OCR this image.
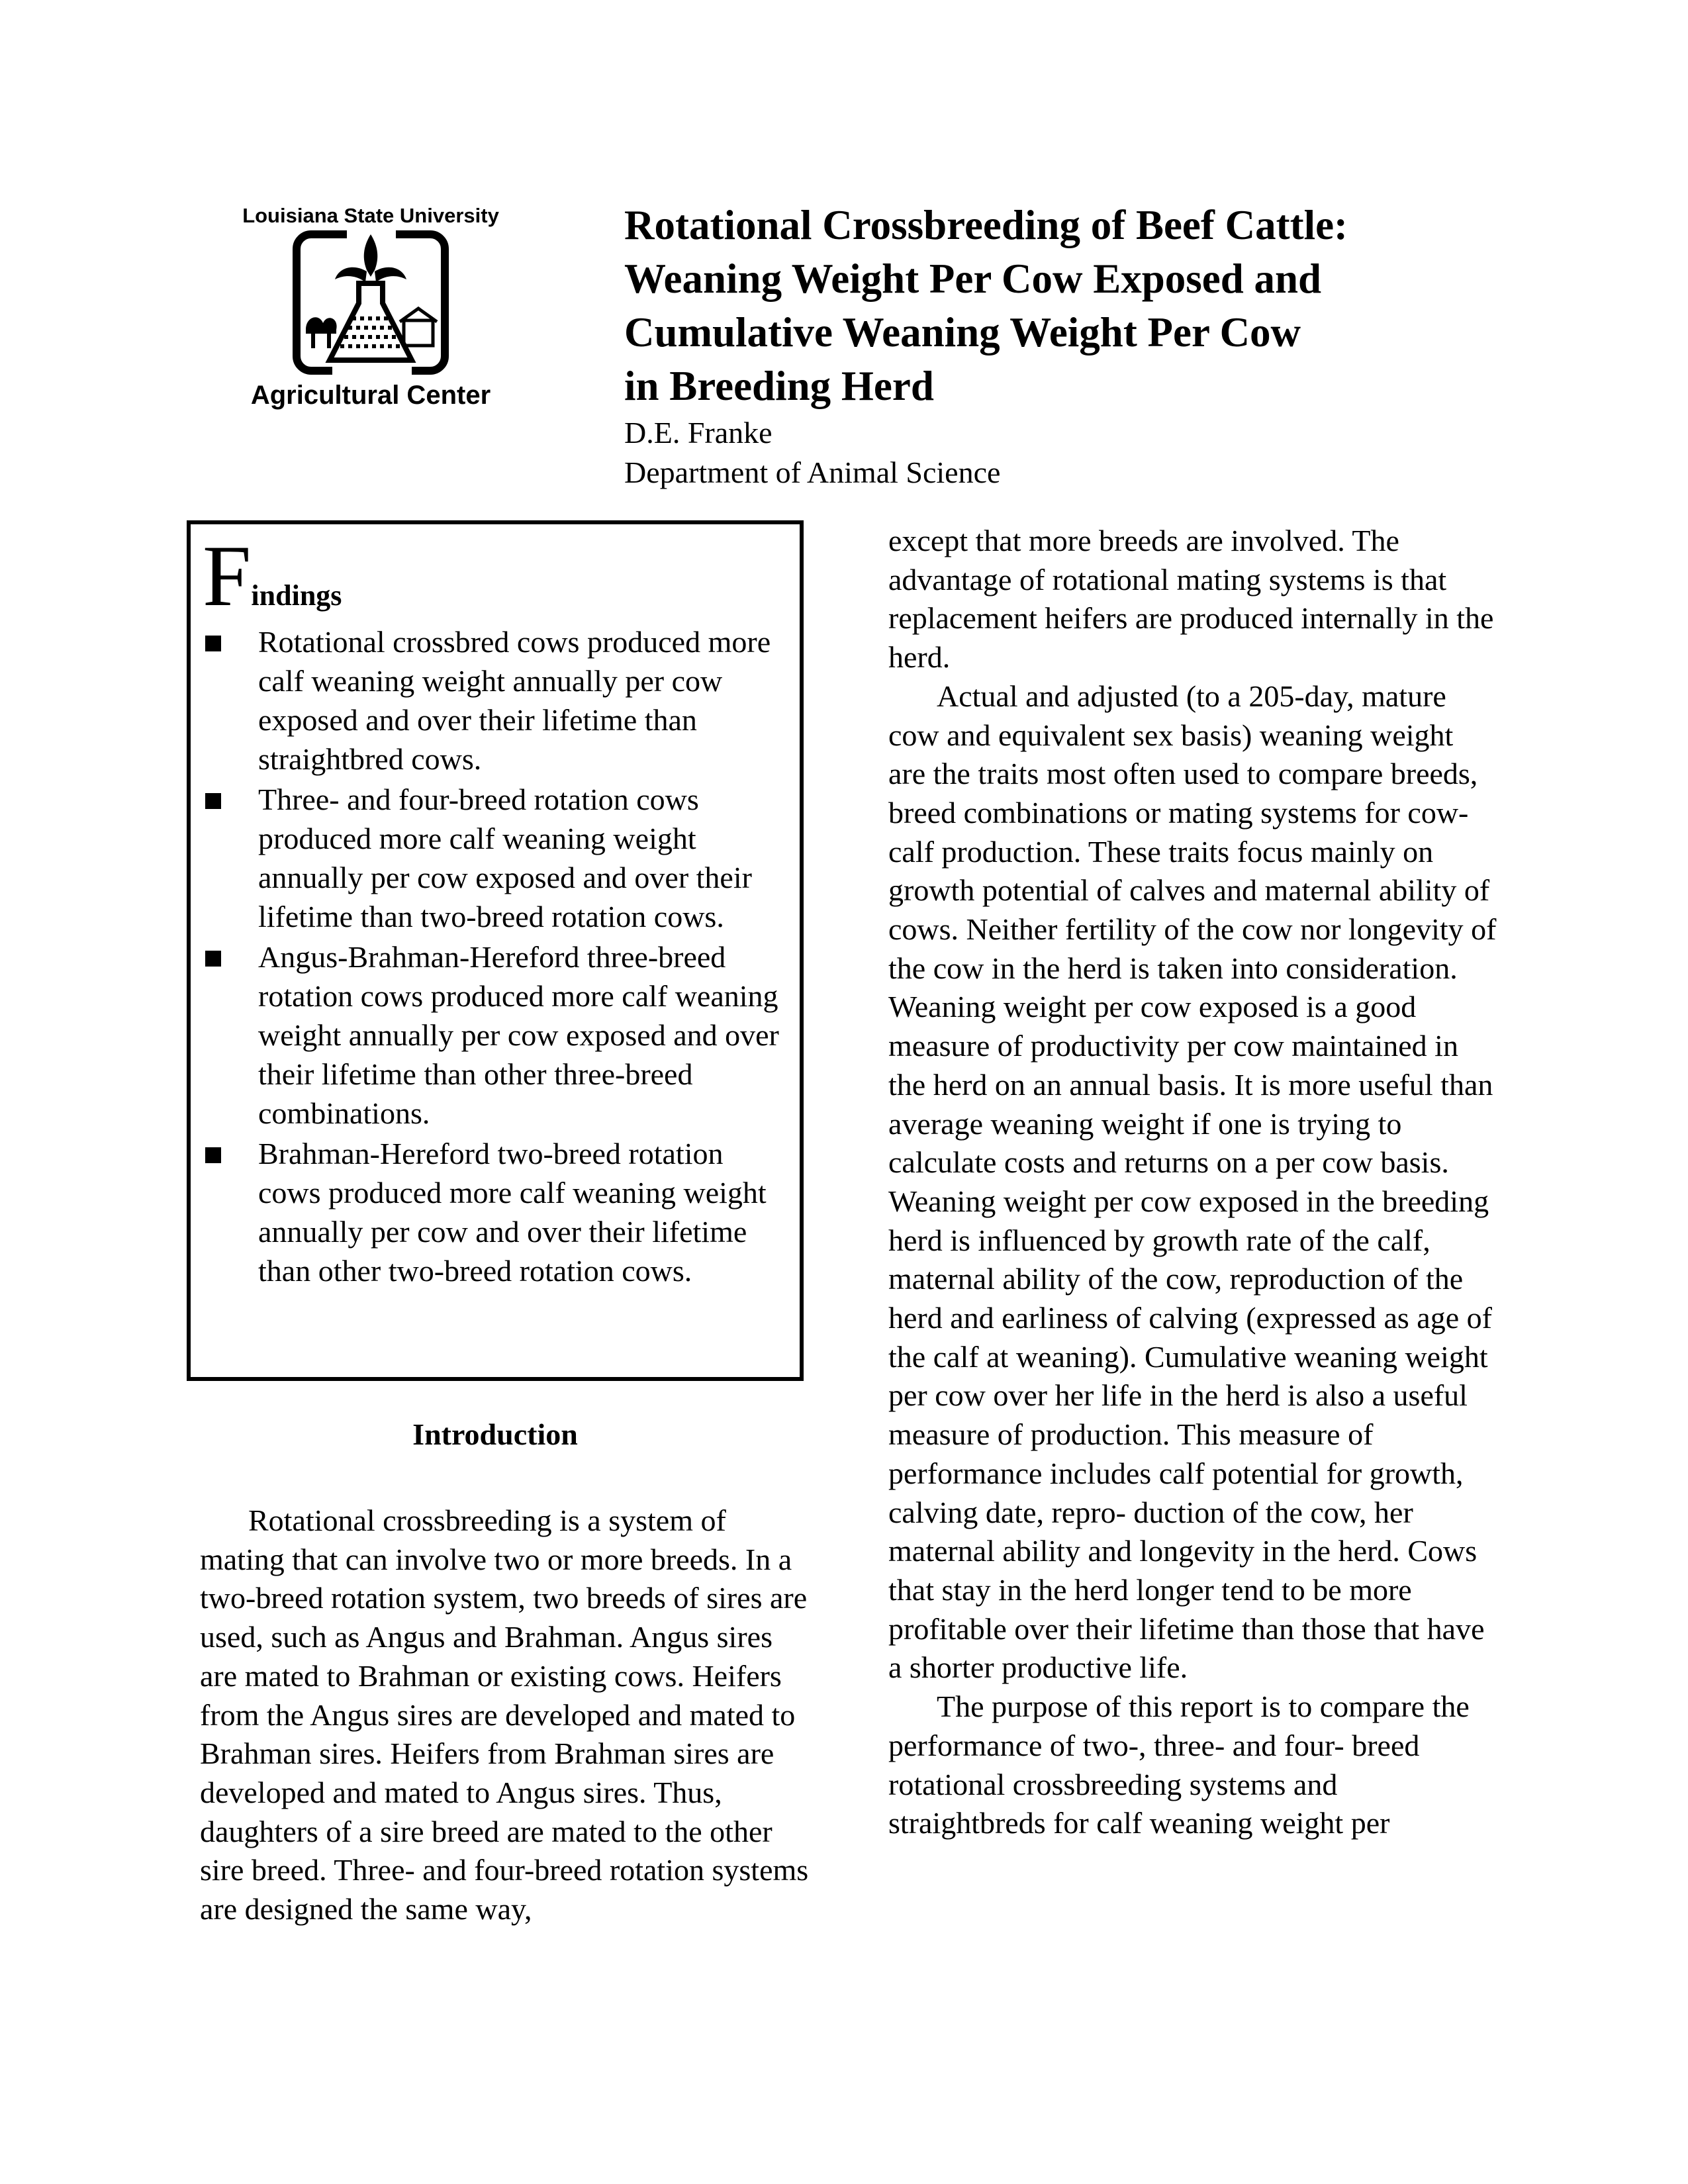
Louisiana State University
Agricultural Center
Rotational Crossbreeding of Beef Cattle:
Weaning Weight Per Cow Exposed and
Cumulative Weaning Weight Per Cow
in Breeding Herd
D.E. Franke
Department of Animal Science
Findings
Rotational crossbred cows produced more calf weaning weight annually per cow exposed and over their lifetime than straightbred cows.
Three- and four-breed rotation cows produced more calf weaning weight annually per cow exposed and over their lifetime than two-breed rotation cows.
Angus-Brahman-Hereford three-breed rotation cows produced more calf weaning weight annually per cow exposed and over their lifetime than other three-breed combinations.
Brahman-Hereford two-breed rotation cows produced more calf weaning weight annually per cow and over their lifetime than other two-breed rotation cows.
Introduction

Rotational crossbreeding is a system of mating that can involve two or more breeds. In a two-breed rotation system, two breeds of sires are used, such as Angus and Brahman. Angus sires are mated to Brahman or existing cows. Heifers from the Angus sires are developed and mated to Brahman sires. Heifers from Brahman sires are developed and mated to Angus sires. Thus, daughters of a sire breed are mated to the other sire breed. Three- and four-breed rotation systems are designed the same way,

except that more breeds are involved. The advantage of rotational mating systems is that replacement heifers are produced internally in the herd.

Actual and adjusted (to a 205-day, mature cow and equivalent sex basis) weaning weight are the traits most often used to compare breeds, breed combinations or mating systems for cow-calf production. These traits focus mainly on growth potential of calves and maternal ability of cows. Neither fertility of the cow nor longevity of the cow in the herd is taken into consideration. Weaning weight per cow exposed is a good measure of productivity per cow maintained in the herd on an annual basis. It is more useful than average weaning weight if one is trying to calculate costs and returns on a per cow basis. Weaning weight per cow exposed in the breeding herd is influenced by growth rate of the calf, maternal ability of the cow, reproduction of the herd and earliness of calving (expressed as age of the calf at weaning). Cumulative weaning weight per cow over her life in the herd is also a useful measure of production. This measure of performance includes calf potential for growth, calving date, repro- duction of the cow, her maternal ability and longevity in the herd. Cows that stay in the herd longer tend to be more profitable over their lifetime than those that have a shorter productive life.

The purpose of this report is to compare the performance of two-, three- and four- breed rotational crossbreeding systems and straightbreds for calf weaning weight per
